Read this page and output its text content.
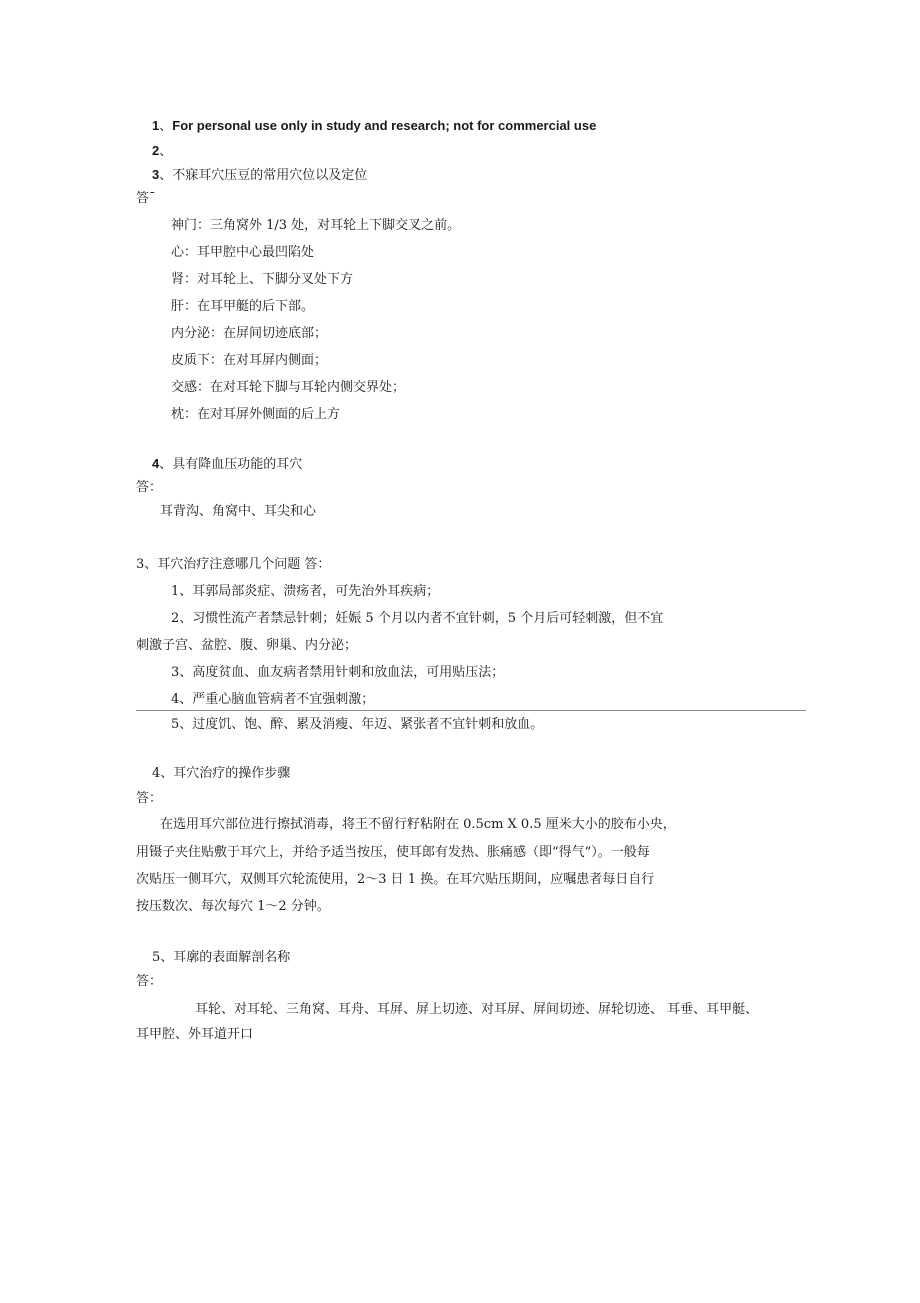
1、For personal use only in study and research; not for commercial use
2、
3、不寐耳穴压豆的常用穴位以及定位
答ˉ
神门：三角窝外 1/3 处，对耳轮上下脚交叉之前。
心：耳甲腔中心最凹陷处
肾：对耳轮上、下脚分叉处下方
肝：在耳甲艇的后下部。
内分泌：在屏间切迹底部；
皮质下：在对耳屏内侧面；
交感：在对耳轮下脚与耳轮内侧交界处；
枕：在对耳屏外侧面的后上方
4、具有降血压功能的耳穴
答：
耳背沟、角窝中、耳尖和心
3、耳穴治疗注意哪几个问题 答：
1、耳郭局部炎症、溃疡者，可先治外耳疾病；
2、习惯性流产者禁忌针刺；妊娠 5 个月以内者不宜针刺，5 个月后可轻刺激，但不宜
刺激子宫、盆腔、腹、卵巢、内分泌；
3、高度贫血、血友病者禁用针刺和放血法，可用贴压法；
4、严重心脑血管病者不宜强刺激；
5、过度饥、饱、醉、累及消瘦、年迈、紧张者不宜针刺和放血。
4、耳穴治疗的操作步骤
答：
在选用耳穴部位进行擦拭消毒，将王不留行籽粘附在 0.5cm X 0.5 厘米大小的胶布小央，
用镊子夹住贴敷于耳穴上，并给予适当按压，使耳郎有发热、胀痛感（即“得气”）。一般每
次贴压一侧耳穴，双侧耳穴轮流使用，2〜3 日 1 换。在耳穴贴压期间，应嘱患者每日自行
按压数次、每次每穴 1〜2 分钟。
5、耳廓的表面解剖名称
答：
耳轮、对耳轮、三角窝、耳舟、耳屏、屏上切迹、对耳屏、屏间切迹、屏轮切迹、 耳垂、耳甲艇、
耳甲腔、外耳道开口
